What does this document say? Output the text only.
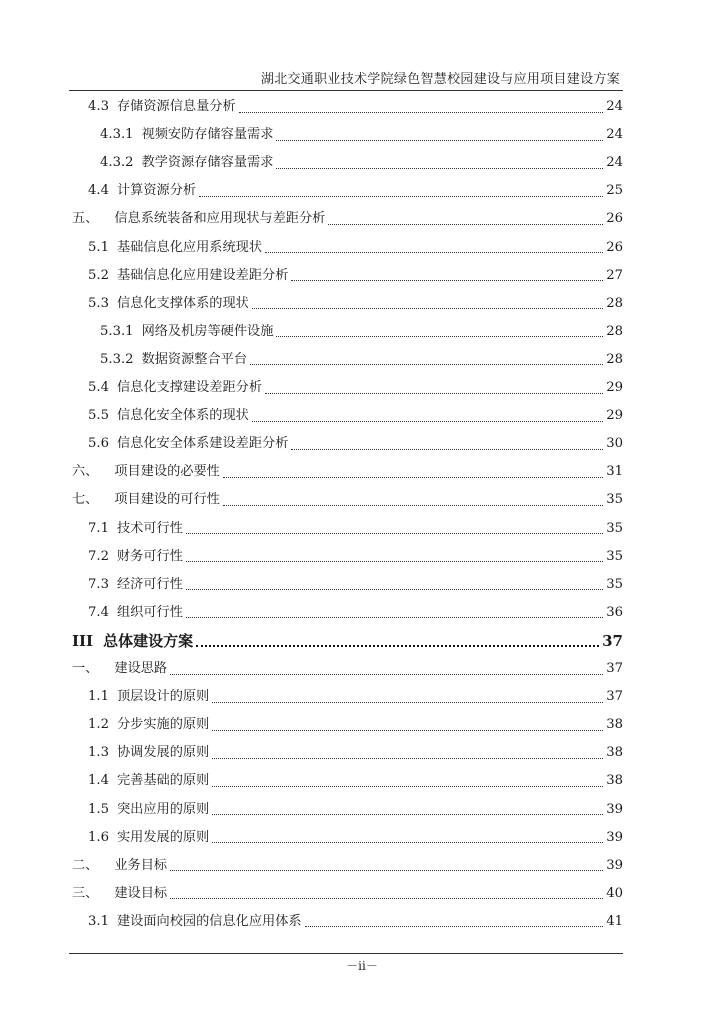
湖北交通职业技术学院绿色智慧校园建设与应用项目建设方案
4.3 存储资源信息量分析	24
4.3.1 视频安防存储容量需求	24
4.3.2 教学资源存储容量需求	24
4.4 计算资源分析	25
五、 信息系统装备和应用现状与差距分析	26
5.1 基础信息化应用系统现状	26
5.2 基础信息化应用建设差距分析	27
5.3 信息化支撑体系的现状	28
5.3.1 网络及机房等硬件设施	28
5.3.2 数据资源整合平台	28
5.4 信息化支撑建设差距分析	29
5.5 信息化安全体系的现状	29
5.6 信息化安全体系建设差距分析	30
六、 项目建设的必要性	31
七、 项目建设的可行性	35
7.1 技术可行性	35
7.2 财务可行性	35
7.3 经济可行性	35
7.4 组织可行性	36
III 总体建设方案	37
一、 建设思路	37
1.1 顶层设计的原则	37
1.2 分步实施的原则	38
1.3 协调发展的原则	38
1.4 完善基础的原则	38
1.5 突出应用的原则	39
1.6 实用发展的原则	39
二、 业务目标	39
三、 建设目标	40
3.1 建设面向校园的信息化应用体系	41
－ii－
